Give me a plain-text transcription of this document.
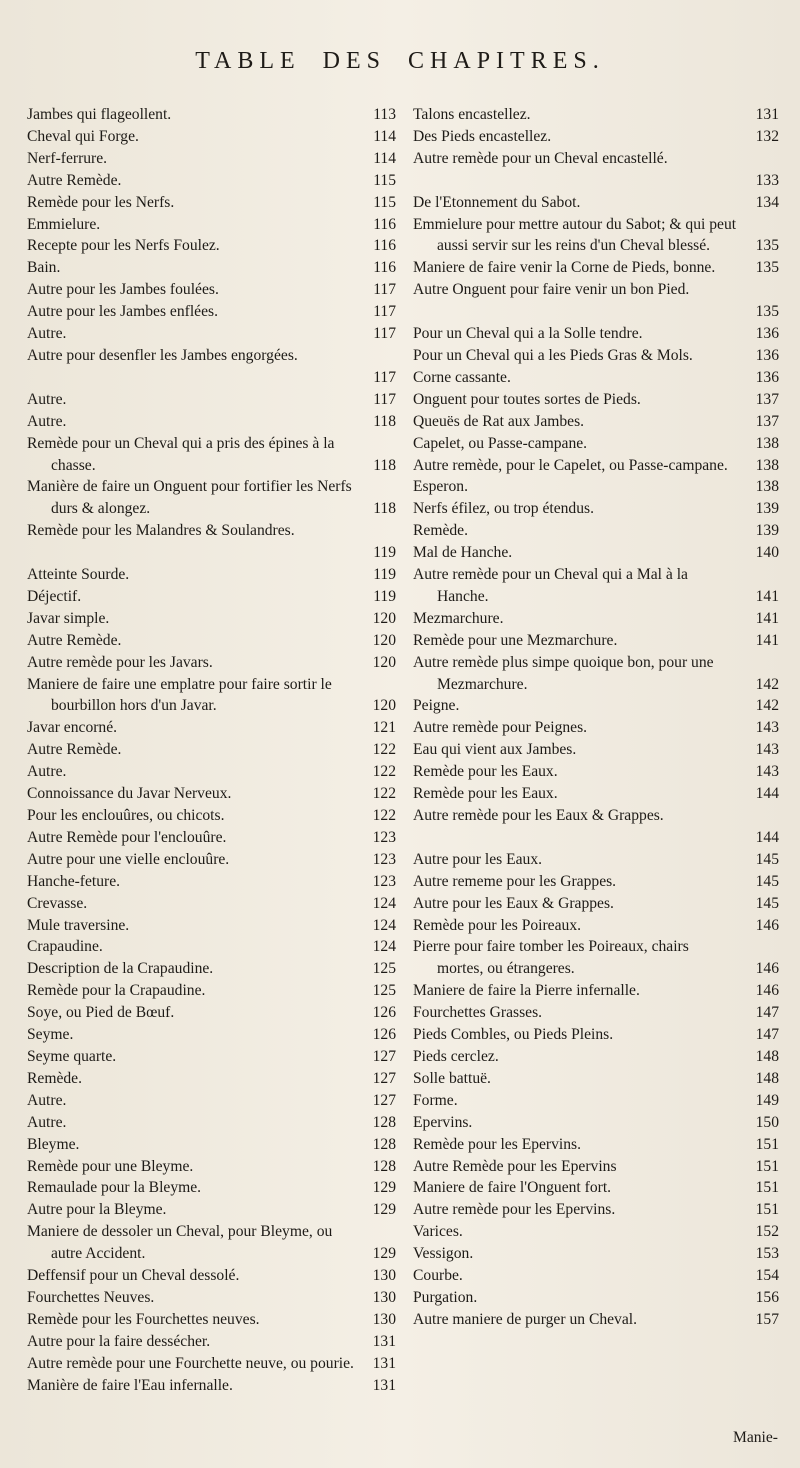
TABLE DES CHAPITRES.
Jambes qui flageollent.	113
Cheval qui Forge.	114
Nerf-ferrure.	114
Autre Remède.	115
Remède pour les Nerfs.	115
Emmielure.	116
Recepte pour les Nerfs Foulez.	116
Bain.	116
Autre pour les Jambes foulées.	117
Autre pour les Jambes enflées.	117
Autre.	117
Autre pour desenfler les Jambes engorgées.
117
Autre.	117
Autre.	118
Remède pour un Cheval qui a pris des épines à la chasse.	118
Manière de faire un Onguent pour fortifier les Nerfs durs & alongez.	118
Remède pour les Malandres & Soulandres.
119
Atteinte Sourde.	119
Déjectif.	119
Javar simple.	120
Autre Remède.	120
Autre remède pour les Javars.	120
Maniere de faire une emplatre pour faire sortir le bourbillon hors d'un Javar.	120
Javar encorné.	121
Autre Remède.	122
Autre.	122
Connoissance du Javar Nerveux.	122
Pour les enclouûres, ou chicots.	122
Autre Remède pour l'enclouûre.	123
Autre pour une vielle enclouûre.	123
Hanche-feture.	123
Crevasse.	124
Mule traversine.	124
Crapaudine.	124
Description de la Crapaudine.	125
Remède pour la Crapaudine.	125
Soye, ou Pied de Bœuf.	126
Seyme.	126
Seyme quarte.	127
Remède.	127
Autre.	127
Autre.	128
Bleyme.	128
Remède pour une Bleyme.	128
Remaulade pour la Bleyme.	129
Autre pour la Bleyme.	129
Maniere de dessoler un Cheval, pour Bleyme, ou autre Accident.	129
Deffensif pour un Cheval dessolé.	130
Fourchettes Neuves.	130
Remède pour les Fourchettes neuves.	130
Autre pour la faire dessécher.	131
Autre remède pour une Fourchette neuve, ou pourie.	131
Manière de faire l'Eau infernalle.	131
Talons encastellez.	131
Des Pieds encastellez.	132
Autre remède pour un Cheval encastellé.
133
De l'Etonnement du Sabot.	134
Emmielure pour mettre autour du Sabot; & qui peut aussi servir sur les reins d'un Cheval blessé.	135
Maniere de faire venir la Corne de Pieds, bonne.	135
Autre Onguent pour faire venir un bon Pied.
135
Pour un Cheval qui a la Solle tendre.	136
Pour un Cheval qui a les Pieds Gras & Mols.	136
Corne cassante.	136
Onguent pour toutes sortes de Pieds.	137
Queuës de Rat aux Jambes.	137
Capelet, ou Passe-campane.	138
Autre remède, pour le Capelet, ou Passe-campane.	138
Esperon.	138
Nerfs éfilez, ou trop étendus.	139
Remède.	139
Mal de Hanche.	140
Autre remède pour un Cheval qui a Mal à la Hanche.	141
Mezmarchure.	141
Remède pour une Mezmarchure.	141
Autre remède plus simpe quoique bon, pour une Mezmarchure.	142
Peigne.	142
Autre remède pour Peignes.	143
Eau qui vient aux Jambes.	143
Remède pour les Eaux.	143
Remède pour les Eaux.	144
Autre remède pour les Eaux & Grappes.
144
Autre pour les Eaux.	145
Autre rememe pour les Grappes.	145
Autre pour les Eaux & Grappes.	145
Remède pour les Poireaux.	146
Pierre pour faire tomber les Poireaux, chairs mortes, ou étrangeres.	146
Maniere de faire la Pierre infernalle.	146
Fourchettes Grasses.	147
Pieds Combles, ou Pieds Pleins.	147
Pieds cerclez.	148
Solle battuë.	148
Forme.	149
Epervins.	150
Remède pour les Epervins.	151
Autre Remède pour les Epervins	151
Maniere de faire l'Onguent fort.	151
Autre remède pour les Epervins.	151
Varices.	152
Vessigon.	153
Courbe.	154
Purgation.	156
Autre maniere de purger un Cheval.	157
Manie-
